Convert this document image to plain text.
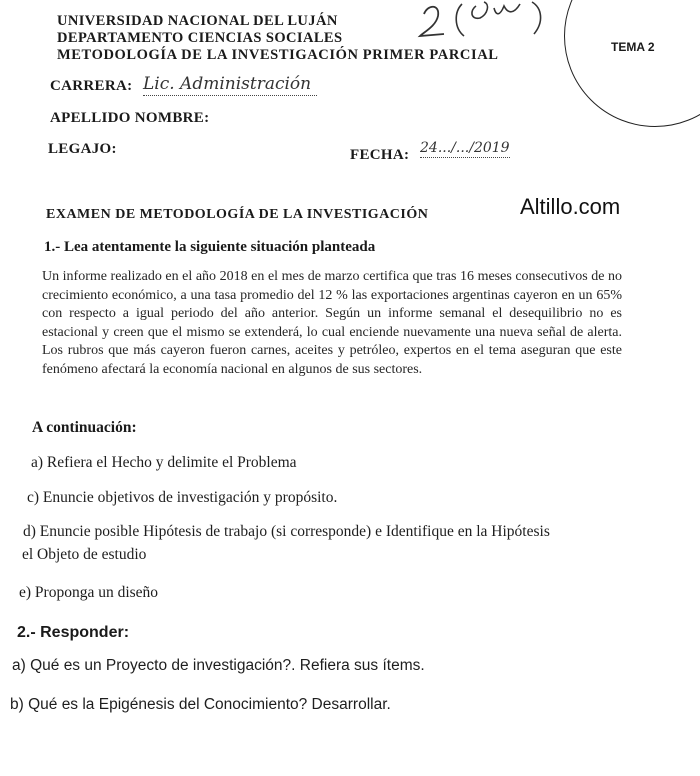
TEMA 2
UNIVERSIDAD NACIONAL DEL LUJÁN
DEPARTAMENTO CIENCIAS SOCIALES
METODOLOGÍA DE LA INVESTIGACIÓN PRIMER PARCIAL
CARRERA: Lic. Administración
APELLIDO NOMBRE:
LEGAJO:	FECHA: 24.../.../2019
Altillo.com
EXAMEN DE METODOLOGÍA DE LA INVESTIGACIÓN
1.- Lea atentamente la siguiente situación planteada
Un informe realizado en el año 2018 en el mes de marzo certifica que tras 16 meses consecutivos de no crecimiento económico, a una tasa promedio del 12 % las exportaciones argentinas cayeron en un 65% con respecto a igual periodo del año anterior. Según un informe semanal el desequilibrio no es estacional y creen que el mismo se extenderá, lo cual enciende nuevamente una nueva señal de alerta. Los rubros que más cayeron fueron carnes, aceites y petróleo, expertos en el tema aseguran que este fenómeno afectará la economía nacional en algunos de sus sectores.
A continuación:
a) Refiera el Hecho y delimite el Problema
c) Enuncie objetivos de investigación y propósito.
d) Enuncie posible Hipótesis de trabajo (si corresponde) e Identifique en la Hipótesis
el Objeto de estudio
e) Proponga un diseño
2.- Responder:
a) Qué es un Proyecto de investigación?. Refiera sus ítems.
b) Qué es la Epigénesis del Conocimiento? Desarrollar.
